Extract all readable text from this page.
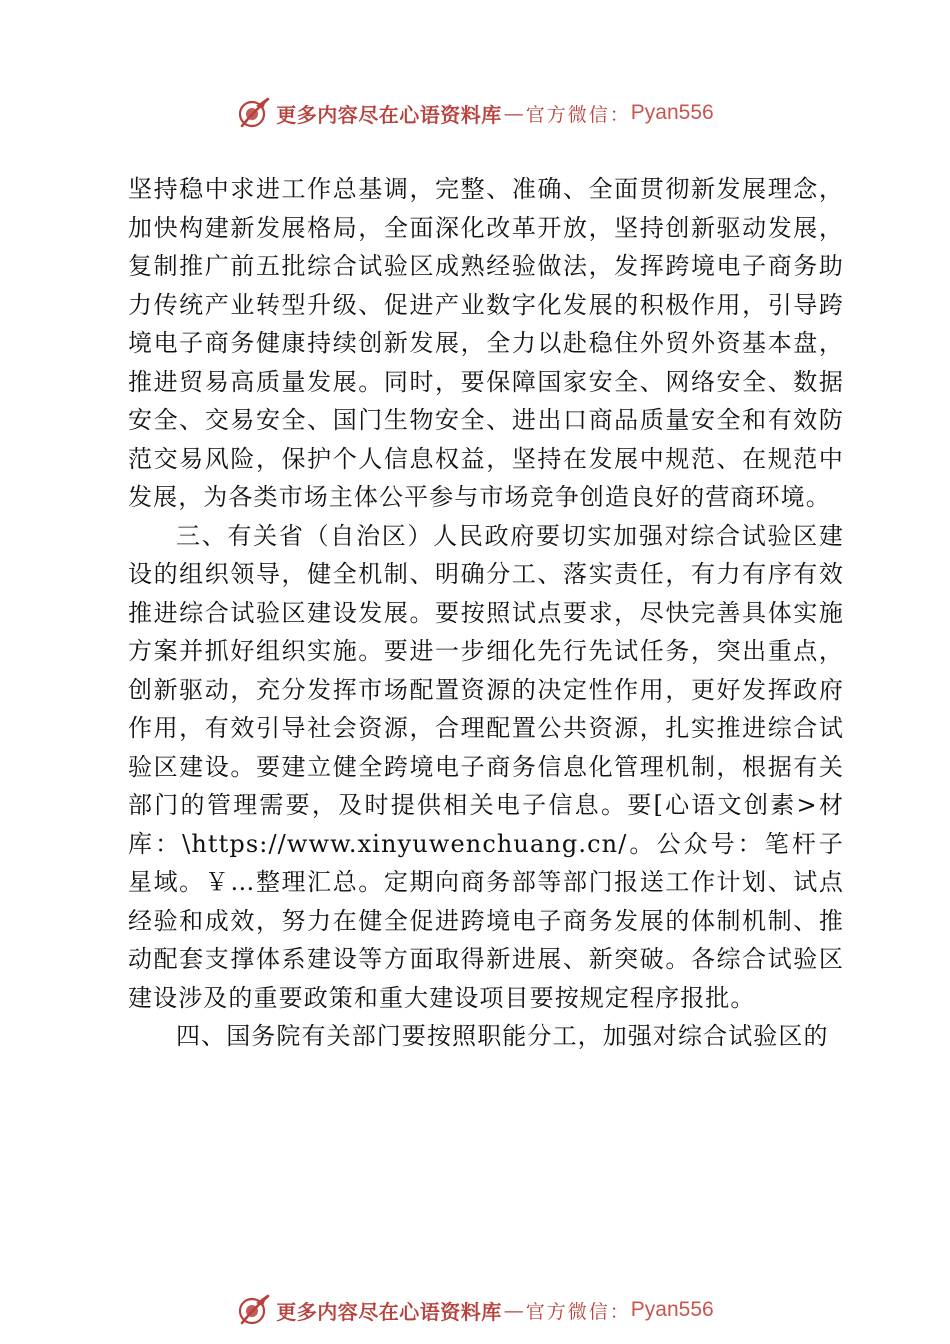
更多内容尽在心语资料库 — 官方微信： Pyan556

坚持稳中求进工作总基调，完整、准确、全面贯彻新发展理念，加快构建新发展格局，全面深化改革开放，坚持创新驱动发展，复制推广前五批综合试验区成熟经验做法，发挥跨境电子商务助力传统产业转型升级、促进产业数字化发展的积极作用，引导跨境电子商务健康持续创新发展，全力以赴稳住外贸外资基本盘， 推进贸易高质量发展。同时，要保障国家安全、网络安全、数据安全、交易安全、国门生物安全、进出口商品质量安全和有效防范交易风险，保护个人信息权益，坚持在发展中规范、在规范中发展，为各类市场主体公平参与市场竞争创造良好的营商环境。

三、有关省（自治区）人民政府要切实加强对综合试验区建设的组织领导，健全机制、明确分工、落实责任，有力有序有效推进综合试验区建设发展。要按照试点要求，尽快完善具体实施方案并抓好组织实施。要进一步细化先行先试任务，突出重点，创新驱动，充分发挥市场配置资源的决定性作用，更好发挥政府作用，有效引导社会资源，合理配置公共资源，扎实推进综合试验区建设。要建立健全跨境电子商务信息化管理机制，根据有关部门的管理需要，及时提供相关电子信息。要[心语文创素>材库：\https://www.xinyuwenchuang.cn/。公众号：笔杆子星域。￥…整理汇总。定期向商务部等部门报送工作计划、试点经验和成效，努力在健全促进跨境电子商务发展的体制机制、推动配套支撑体系建设等方面取得新进展、新突破。各综合试验区建设涉及的重要政策和重大建设项目要按规定程序报批。

四、国务院有关部门要按照职能分工，加强对综合试验区的

更多内容尽在心语资料库 — 官方微信： Pyan556
